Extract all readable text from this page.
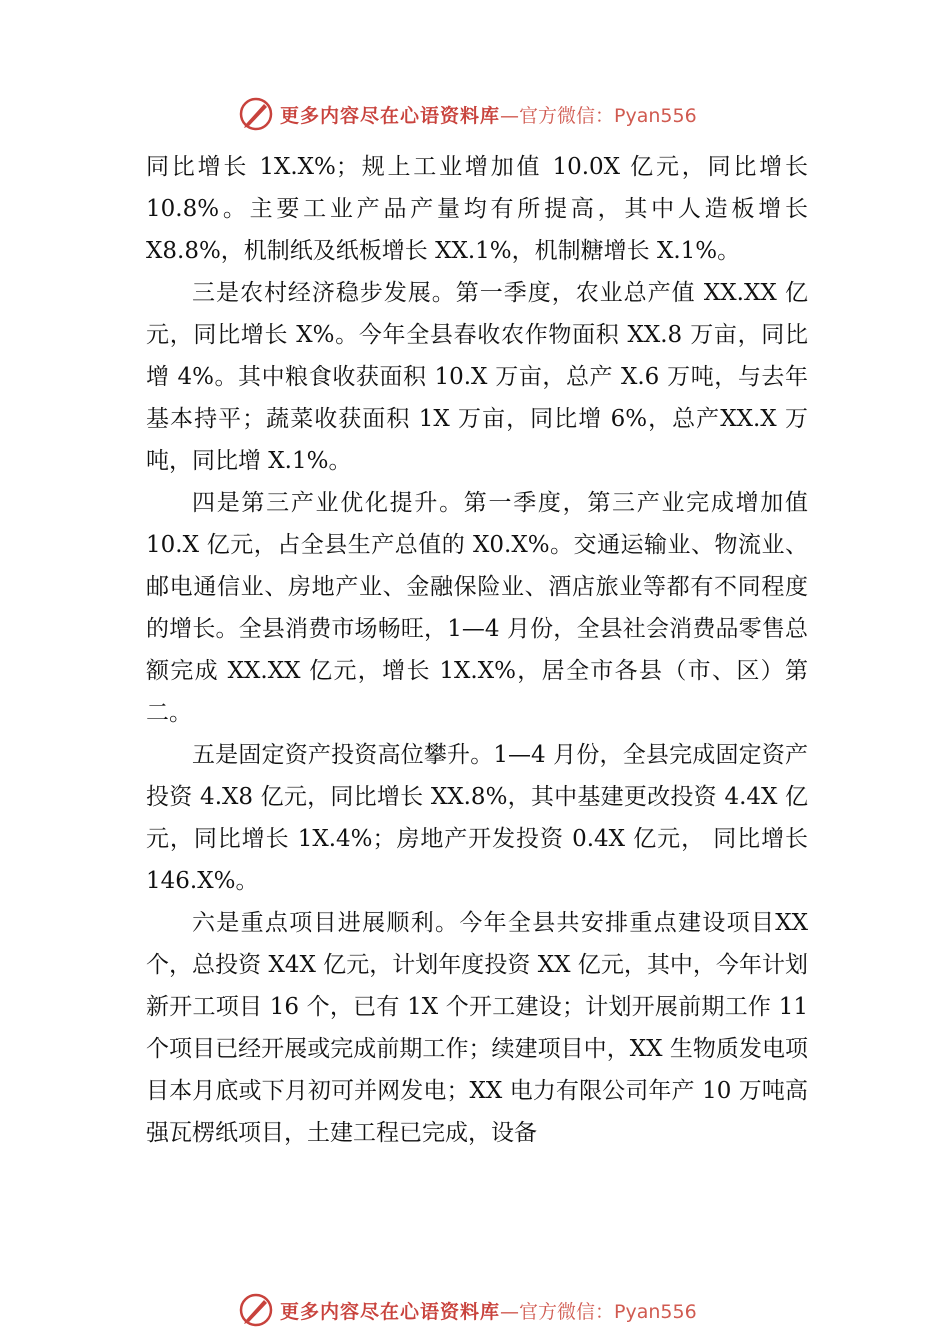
更多内容尽在心语资料库 —官方微信：Pyan556

同比增长 1X.X%；规上工业增加值 10.0X 亿元，同比增长10.8%。主要工业产品产量均有所提高，其中人造板增长X8.8%，机制纸及纸板增长 XX.1%，机制糖增长 X.1%。

三是农村经济稳步发展。第一季度，农业总产值 XX.XX 亿元，同比增长 X%。今年全县春收农作物面积 XX.8 万亩，同比增 4%。其中粮食收获面积 10.X 万亩，总产 X.6 万吨，与去年基本持平；蔬菜收获面积 1X 万亩，同比增 6%，总产XX.X 万吨，同比增 X.1%。

四是第三产业优化提升。第一季度，第三产业完成增加值 10.X 亿元，占全县生产总值的 X0.X%。交通运输业、物流业、邮电通信业、房地产业、金融保险业、酒店旅业等都有不同程度的增长。全县消费市场畅旺，1—4 月份，全县社会消费品零售总额完成 XX.XX 亿元，增长 1X.X%，居全市各县（市、区）第二。

五是固定资产投资高位攀升。1—4 月份，全县完成固定资产投资 4.X8 亿元，同比增长 XX.8%，其中基建更改投资 4.4X 亿元，同比增长 1X.4%；房地产开发投资 0.4X 亿元， 同比增长 146.X%。

六是重点项目进展顺利。今年全县共安排重点建设项目XX 个，总投资 X4X 亿元，计划年度投资 XX 亿元，其中，今年计划新开工项目 16 个，已有 1X 个开工建设；计划开展前期工作 11 个项目已经开展或完成前期工作；续建项目中，XX 生物质发电项目本月底或下月初可并网发电；XX 电力有限公司年产 10 万吨高强瓦楞纸项目，土建工程已完成，设备

更多内容尽在心语资料库 —官方微信：Pyan556
